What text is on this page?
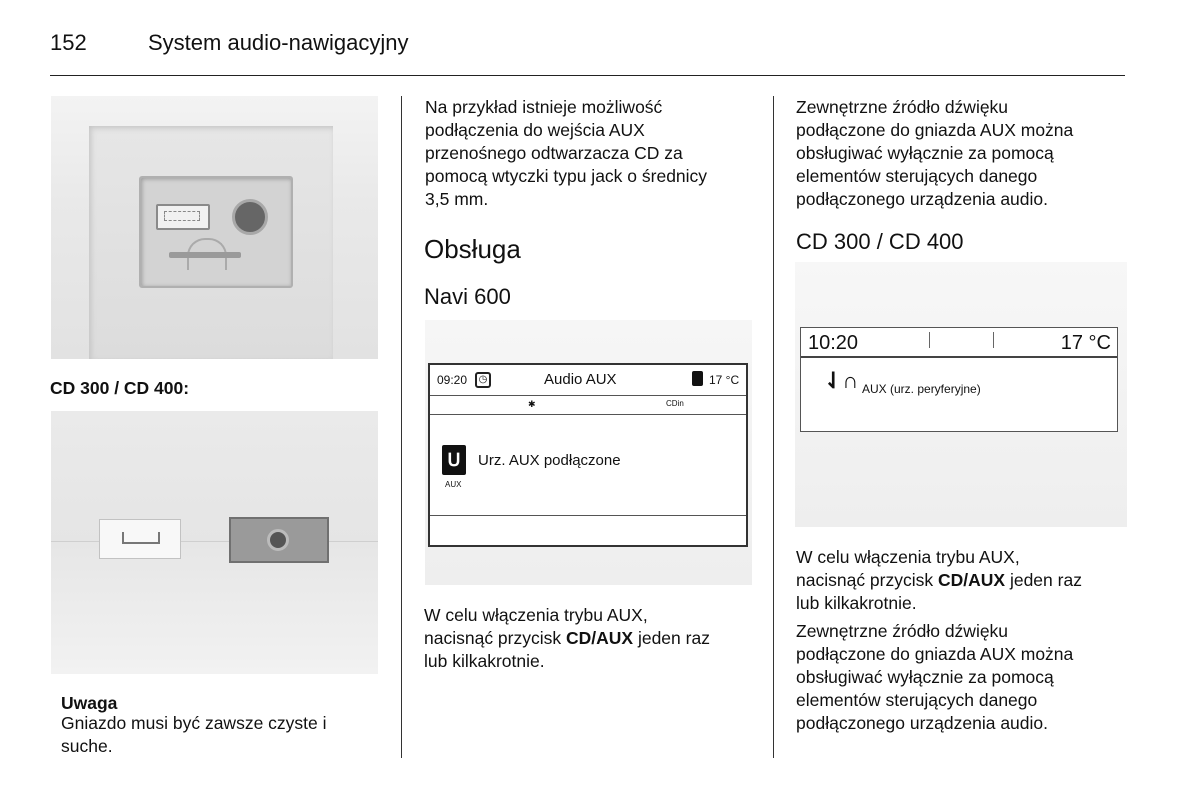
152	System audio-nawigacyjny
CD 300 / CD 400:
Uwaga
Gniazdo musi być zawsze czyste i
suche.
Na przykład istnieje możliwość
podłączenia do wejścia AUX
przenośnego odtwarzacza CD za
pomocą wtyczki typu jack o średnicy
3,5 mm.
Obsługa
Navi 600
09:20	◷	Audio AUX	17 °C
✱	CDin
ᑌ
AUX
Urz. AUX podłączone
W celu włączenia trybu AUX,
nacisnąć przycisk CD/AUX jeden raz
lub kilkakrotnie.
Zewnętrzne źródło dźwięku
podłączone do gniazda AUX można
obsługiwać wyłącznie za pomocą
elementów sterujących danego
podłączonego urządzenia audio.
CD 300 / CD 400
10:20	17 °C
⇃∩ AUX (urz. peryferyjne)
W celu włączenia trybu AUX,
nacisnąć przycisk CD/AUX jeden raz
lub kilkakrotnie.
Zewnętrzne źródło dźwięku
podłączone do gniazda AUX można
obsługiwać wyłącznie za pomocą
elementów sterujących danego
podłączonego urządzenia audio.
